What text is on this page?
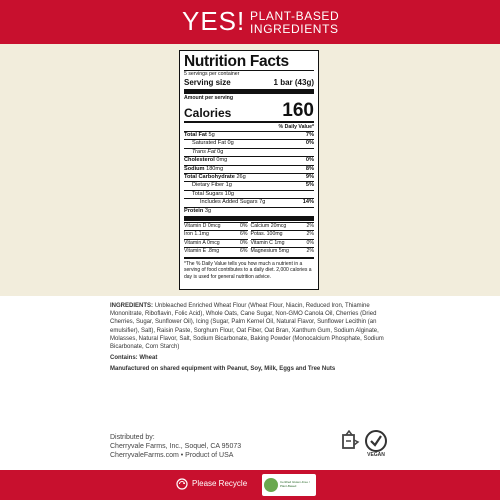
YES! PLANT-BASED
INGREDIENTS
Nutrition Facts
5 servings per container
Serving size	1 bar (43g)
Amount per serving
Calories	160
% Daily Value*
Total Fat 5g	7%
Saturated Fat 0g	0%
Trans Fat 0g
Cholesterol 0mg	0%
Sodium 180mg	8%
Total Carbohydrate 26g	9%
Dietary Fiber 1g	5%
Total Sugars 10g
Includes Added Sugars 7g	14%
Protein 3g
Vitamin D 0mcg	0% Calcium 20mcg	2%
Iron 1.1mg	6% Potas. 100mg	2%
Vitamin A 0mcg	0% Vitamin C 1mg	0%
Vitamin E .8mg	6% Magnesium 5mg	2%
*The % Daily Value tells you how much a nutrient in a serving of food contributes to a daily diet. 2,000 calories a day is used for general nutrition advice.

INGREDIENTS: Unbleached Enriched Wheat Flour (Wheat Flour, Niacin, Reduced Iron, Thiamine Mononitrate, Riboflavin, Folic Acid), Whole Oats, Cane Sugar, Non-GMO Canola Oil, Cherries (Dried Cherries, Sugar, Sunflower Oil), Icing (Sugar, Palm Kernel Oil, Natural Flavor, Sunflower Lecithin (an emulsifier), Salt), Raisin Paste, Sorghum Flour, Oat Fiber, Oat Bran, Xanthum Gum, Sodium Alginate, Molasses, Natural Flavor, Salt, Sodium Bicarbonate, Baking Powder (Monocalcium Phosphate, Sodium Bicarbonate, Corn Starch)

Contains: Wheat

Manufactured on shared equipment with Peanut, Soy, Milk, Eggs and Tree Nuts

Distributed by:
Cherryvale Farms, Inc., Soquel, CA 95073
CherryvaleFarms.com • Product of USA	VEGAN
Please Recycle	Certified Gluten-Free / Plant-Based
